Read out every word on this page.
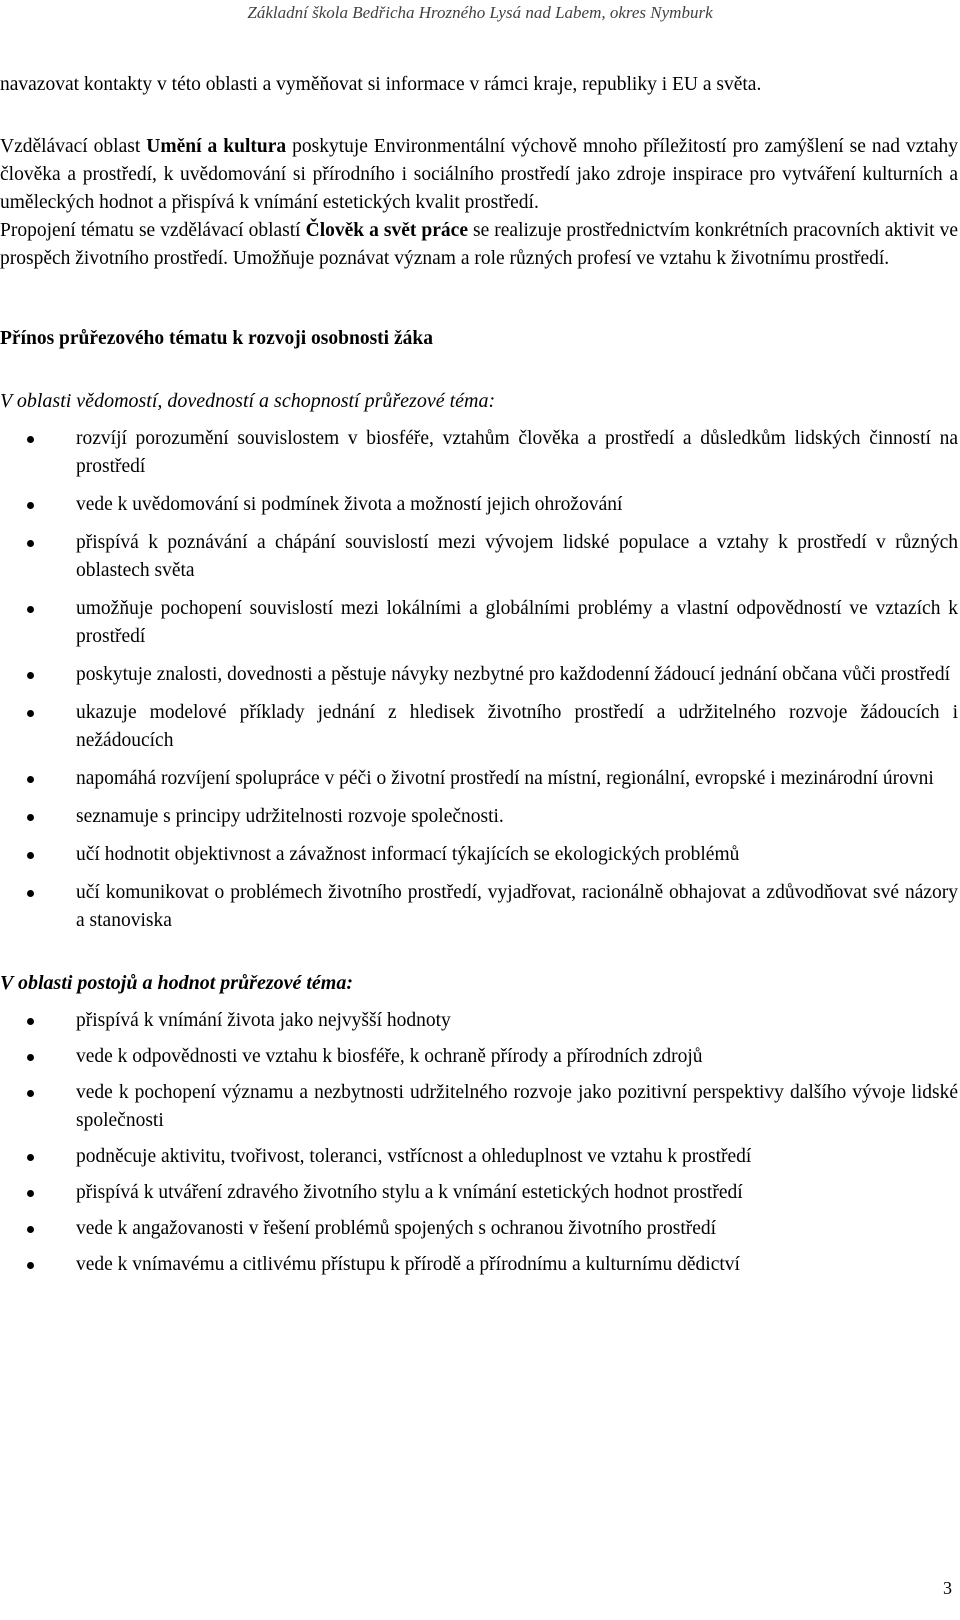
Základní škola Bedřicha Hrozného Lysá nad Labem, okres Nymburk

navazovat kontakty v této oblasti a vyměňovat si informace v rámci kraje, republiky i EU a světa.

Vzdělávací oblast Umění a kultura poskytuje Environmentální výchově mnoho příležitostí pro zamýšlení se nad vztahy člověka a prostředí, k uvědomování si přírodního i sociálního prostředí jako zdroje inspirace pro vytváření kulturních a uměleckých hodnot a přispívá k vnímání estetických kvalit prostředí.

Propojení tématu se vzdělávací oblastí Člověk a svět práce se realizuje prostřednictvím konkrétních pracovních aktivit ve prospěch životního prostředí. Umožňuje poznávat význam a role různých profesí ve vztahu k životnímu prostředí.

Přínos průřezového tématu k rozvoji osobnosti žáka
V oblasti vědomostí, dovedností a schopností průřezové téma:
rozvíjí porozumění souvislostem v biosféře, vztahům člověka a prostředí a důsledkům lidských činností na prostředí
vede k uvědomování si podmínek života a možností jejich ohrožování
přispívá k poznávání a chápání souvislostí mezi vývojem lidské populace a vztahy k prostředí v různých oblastech světa
umožňuje pochopení souvislostí mezi lokálními a globálními problémy a vlastní odpovědností ve vztazích k prostředí
poskytuje znalosti, dovednosti a pěstuje návyky nezbytné pro každodenní žádoucí jednání občana vůči prostředí
ukazuje modelové příklady jednání z hledisek životního prostředí a udržitelného rozvoje žádoucích i nežádoucích
napomáhá rozvíjení spolupráce v péči o životní prostředí na místní, regionální, evropské i mezinárodní úrovni
seznamuje s principy udržitelnosti rozvoje společnosti.
učí hodnotit objektivnost a závažnost informací týkajících se ekologických problémů
učí komunikovat o problémech životního prostředí, vyjadřovat, racionálně obhajovat a zdůvodňovat své názory a stanoviska
V oblasti postojů a hodnot průřezové téma:
přispívá k vnímání života jako nejvyšší hodnoty
vede k odpovědnosti ve vztahu k biosféře, k ochraně přírody a přírodních zdrojů
vede k pochopení významu a nezbytnosti udržitelného rozvoje jako pozitivní perspektivy dalšího vývoje lidské společnosti
podněcuje aktivitu, tvořivost, toleranci, vstřícnost a ohleduplnost ve vztahu k prostředí
přispívá k utváření zdravého životního stylu a k vnímání estetických hodnot prostředí
vede k angažovanosti v řešení problémů spojených s ochranou životního prostředí
vede k vnímavému a citlivému přístupu k přírodě a přírodnímu a kulturnímu dědictví
3
